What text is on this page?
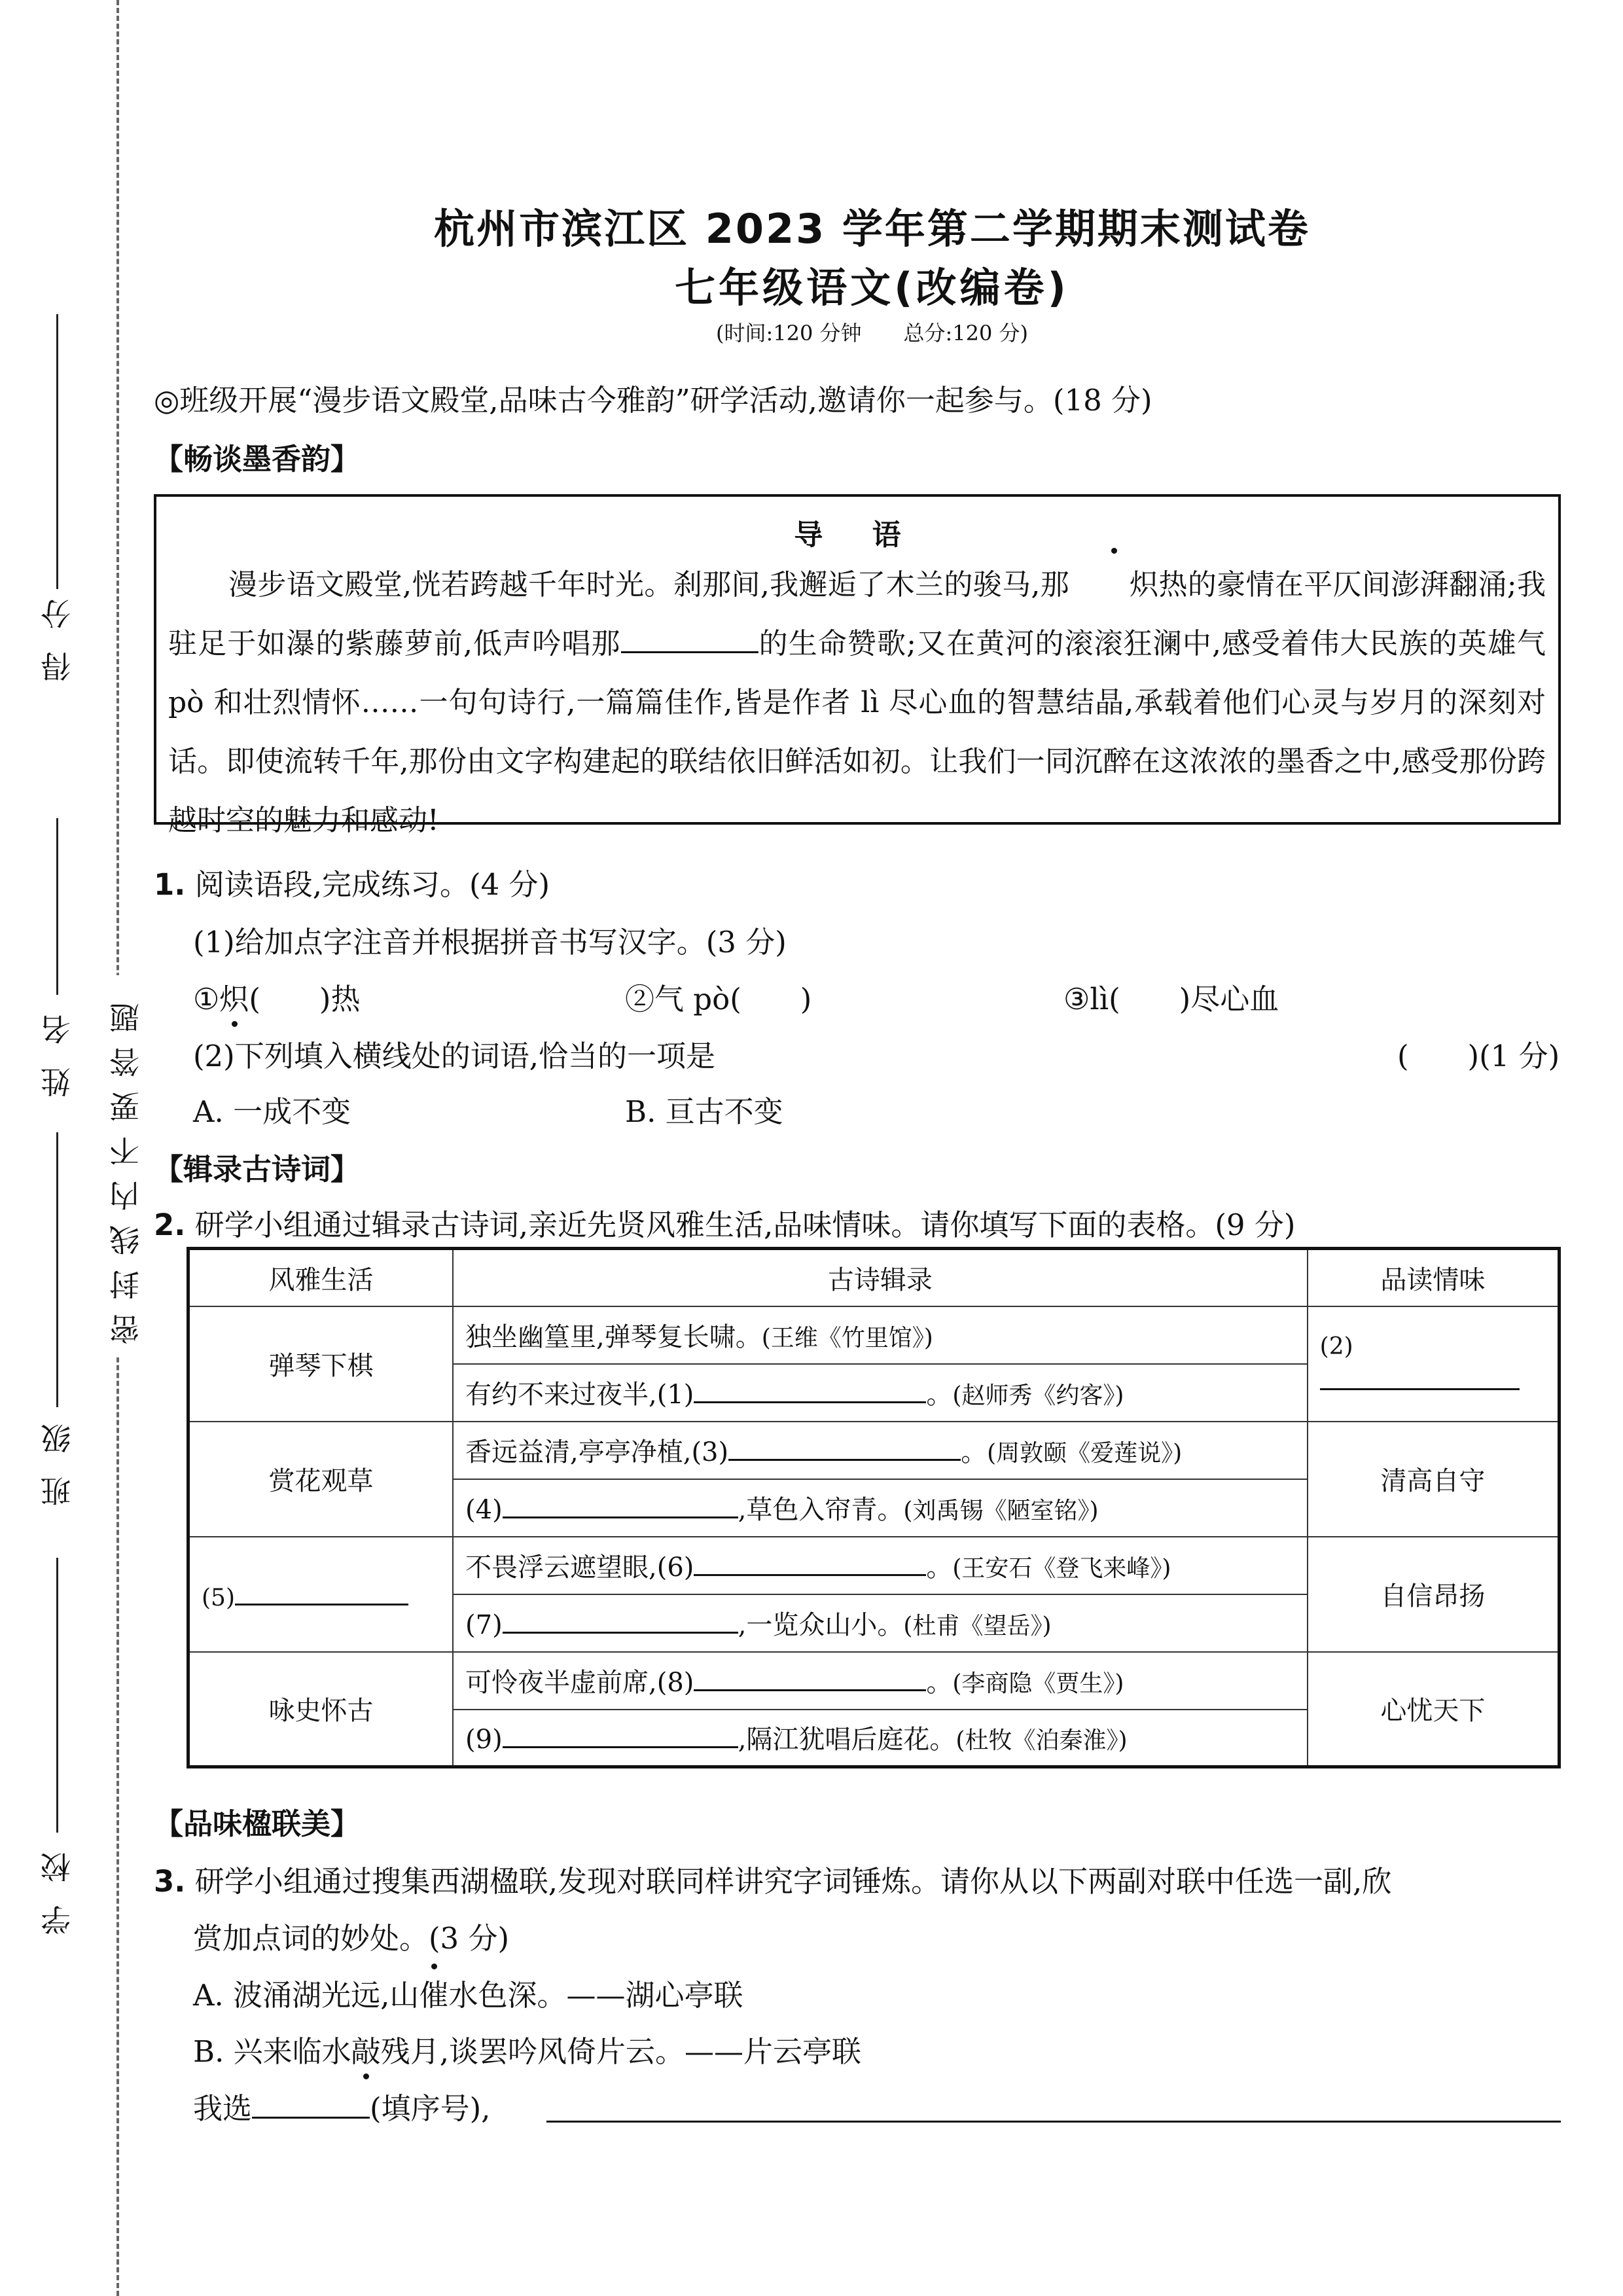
得 分
姓 名
班 级
学 校
密封线内不要答题
杭州市滨江区 2023 学年第二学期期末测试卷
七年级语文(改编卷)
(时间:120 分钟　　总分:120 分)
◎班级开展“漫步语文殿堂,品味古今雅韵”研学活动,邀请你一起参与。(18 分)
【畅谈墨香韵】
导 语
漫步语文殿堂,恍若跨越千年时光。刹那间,我邂逅了木兰的骏马,那 炽热的豪情在平仄间澎湃翻涌;我驻足于如瀑的紫藤萝前,低声吟唱那	的生命赞歌;又在黄河的滚滚狂澜中,感受着伟大民族的英雄气 pò 和壮烈情怀……一句句诗行,一篇篇佳作,皆是作者 lì 尽心血的智慧结晶,承载着他们心灵与岁月的深刻对话。即使流转千年,那份由文字构建起的联结依旧鲜活如初。让我们一同沉醉在这浓浓的墨香之中,感受那份跨越时空的魅力和感动!
1. 阅读语段,完成练习。(4 分)
(1)给加点字注音并根据拼音书写汉字。(3 分)
①炽(　　)热	②气 pò(　　)	③lì(　　)尽心血
(2)下列填入横线处的词语,恰当的一项是	(　　)(1 分)
A. 一成不变	B. 亘古不变
【辑录古诗词】
2. 研学小组通过辑录古诗词,亲近先贤风雅生活,品味情味。请你填写下面的表格。(9 分)
风雅生活	古诗辑录	品读情味
弹琴下棋	独坐幽篁里,弹琴复长啸。(王维《竹里馆》)	(2)
	有约不来过夜半,(1) 。(赵师秀《约客》)	
赏花观草	香远益清,亭亭净植,(3) 。(周敦颐《爱莲说》)	清高自守
	(4) ,草色入帘青。(刘禹锡《陋室铭》)	
(5)	不畏浮云遮望眼,(6) 。(王安石《登飞来峰》)	自信昂扬
	(7) ,一览众山小。(杜甫《望岳》)	
咏史怀古	可怜夜半虚前席,(8) 。(李商隐《贾生》)	心忧天下
	(9) ,隔江犹唱后庭花。(杜牧《泊秦淮》)	
【品味楹联美】
3. 研学小组通过搜集西湖楹联,发现对联同样讲究字词锤炼。请你从以下两副对联中任选一副,欣
赏加点词的妙处。(3 分)
A. 波涌湖光远,山催水色深。——湖心亭联
B. 兴来临水敲残月,谈罢吟风倚片云。——片云亭联
我选	(填序号),
